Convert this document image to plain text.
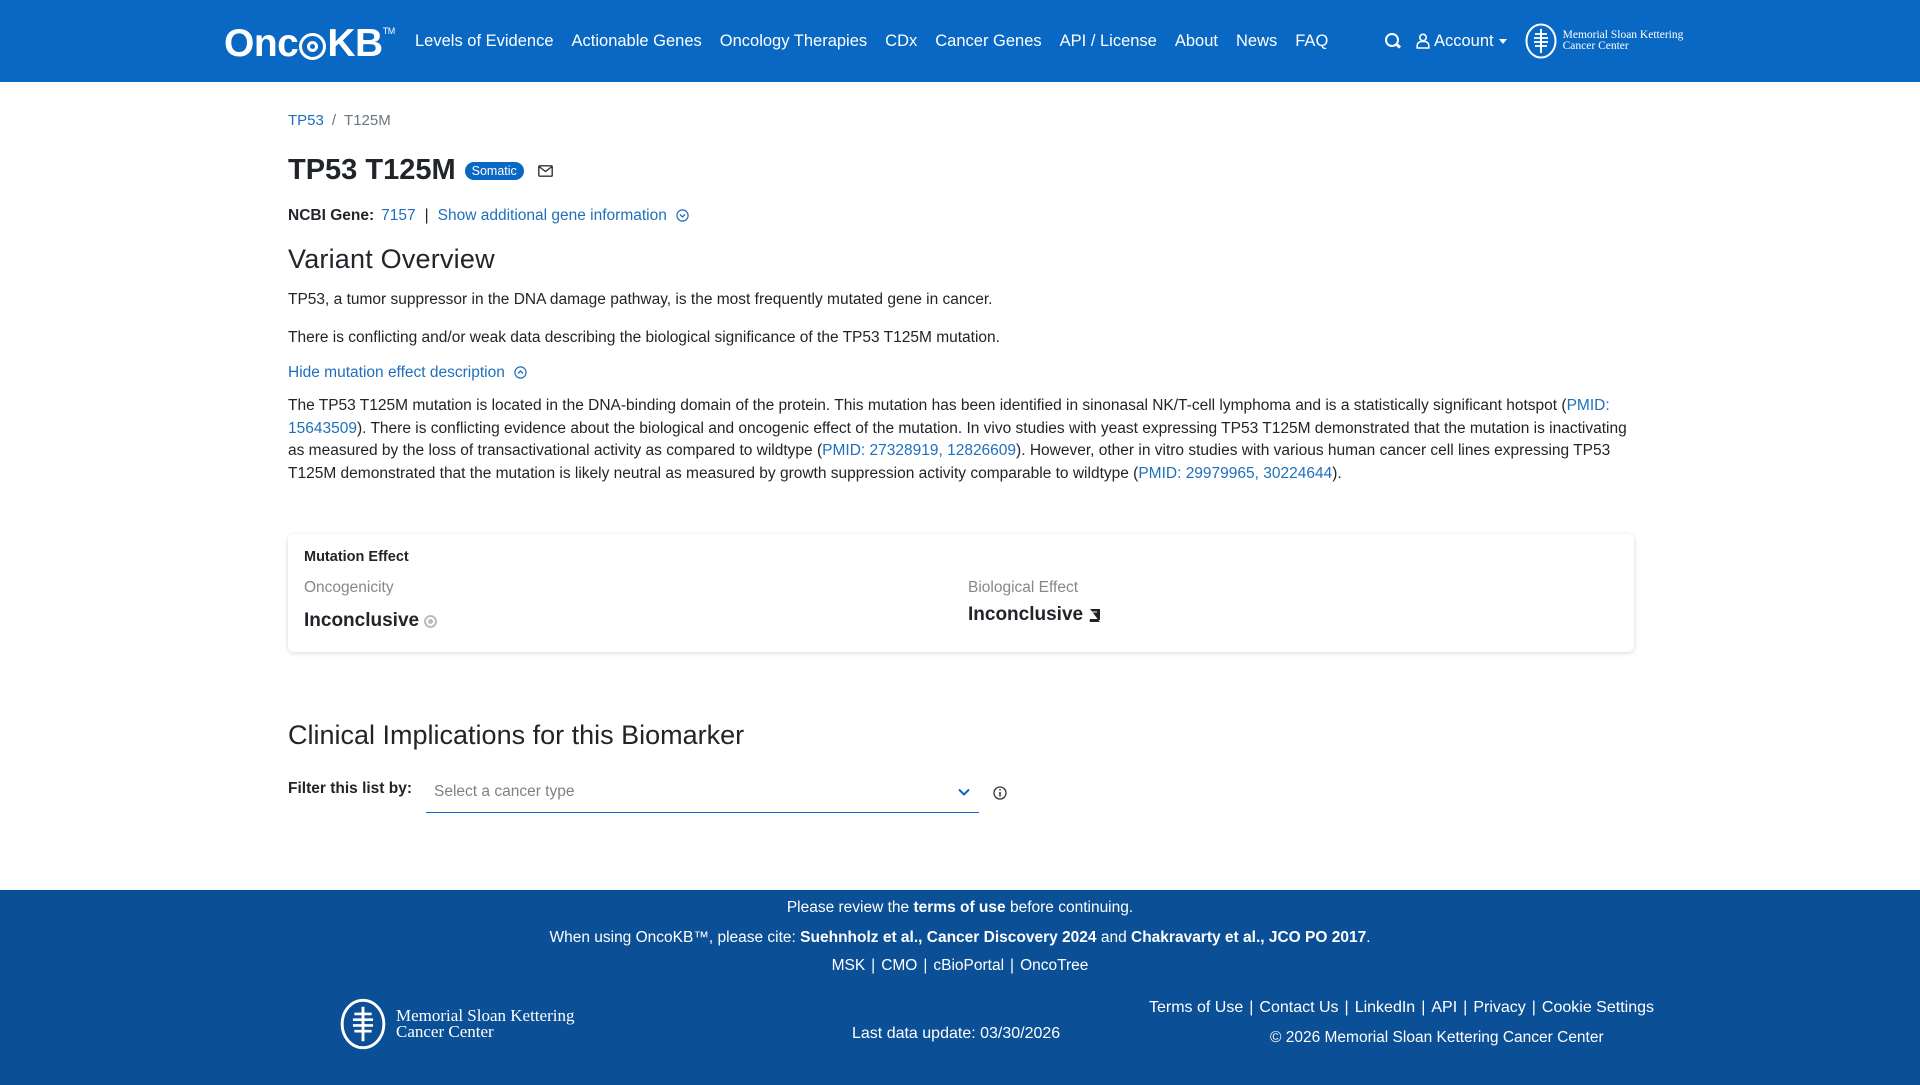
Onc KB TM
Levels of Evidence Actionable Genes Oncology Therapies CDx Cancer Genes API / License About News FAQ	Account	Memorial Sloan Kettering
Cancer Center
TP53 / T125M
TP53 T125M	Somatic
NCBI Gene: 7157 | Show additional gene information
Variant Overview

TP53, a tumor suppressor in the DNA damage pathway, is the most frequently mutated gene in cancer.

There is conflicting and/or weak data describing the biological significance of the TP53 T125M mutation.

Hide mutation effect description

The TP53 T125M mutation is located in the DNA-binding domain of the protein. This mutation has been identified in sinonasal NK/T-cell lymphoma and is a statistically significant hotspot (PMID: 15643509). There is conflicting evidence about the biological and oncogenic effect of the mutation. In vivo studies with yeast expressing TP53 T125M demonstrated that the mutation is inactivating as measured by the loss of transactivational activity as compared to wildtype (PMID: 27328919, 12826609). However, other in vitro studies with various human cancer cell lines expressing TP53 T125M demonstrated that the mutation is likely neutral as measured by growth suppression activity comparable to wildtype (PMID: 29979965, 30224644).

Mutation Effect
Oncogenicity
Inconclusive
Biological Effect
Inconclusive
Clinical Implications for this Biomarker
Filter this list by: Select a cancer type
Please review the terms of use before continuing.
When using OncoKB™, please cite: Suehnholz et al., Cancer Discovery 2024 and Chakravarty et al., JCO PO 2017.
MSK | CMO | cBioPortal | OncoTree
Memorial Sloan Kettering
Cancer Center	Last data update: 03/30/2026
Terms of Use | Contact Us | LinkedIn | API | Privacy | Cookie Settings
© 2026 Memorial Sloan Kettering Cancer Center
